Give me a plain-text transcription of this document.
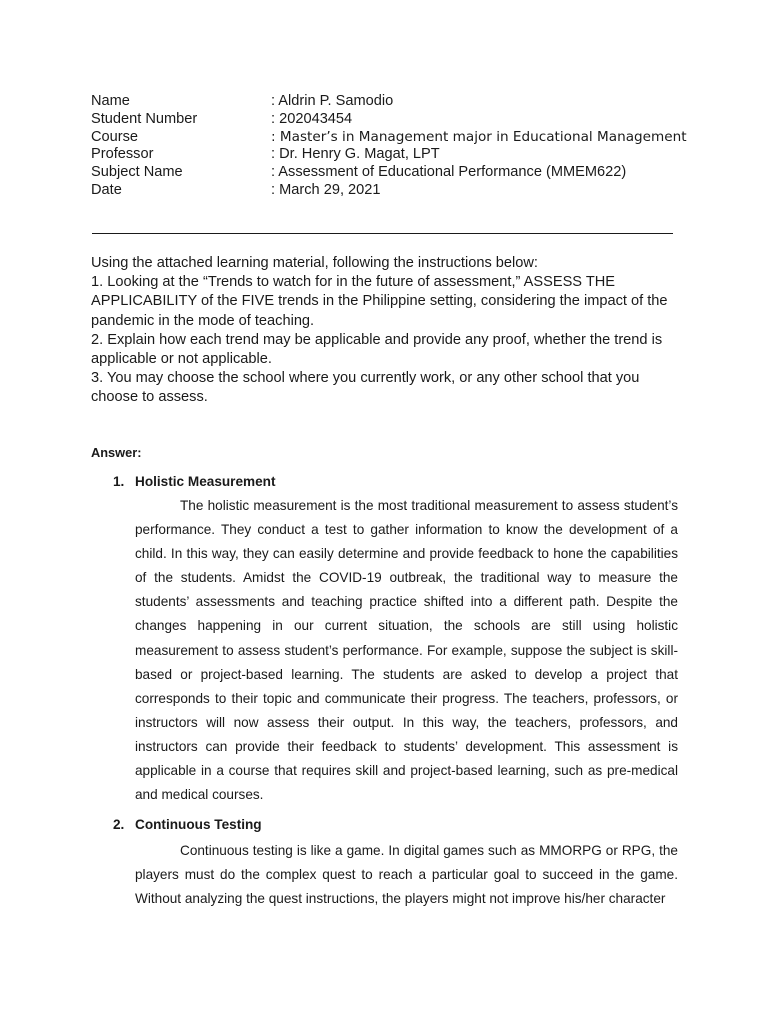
Name	: Aldrin P. Samodio
Student Number	: 202043454
Course	: Master’s in Management major in Educational Management
Professor	: Dr. Henry G. Magat, LPT
Subject Name	: Assessment of Educational Performance (MMEM622)
Date	: March 29, 2021

Using the attached learning material, following the instructions below:

1. Looking at the “Trends to watch for in the future of assessment,” ASSESS THE APPLICABILITY of the FIVE trends in the Philippine setting, considering the impact of the pandemic in the mode of teaching.

2. Explain how each trend may be applicable and provide any proof, whether the trend is applicable or not applicable.

3. You may choose the school where you currently work, or any other school that you choose to assess.

Answer:
1. Holistic Measurement

The holistic measurement is the most traditional measurement to assess student’s performance. They conduct a test to gather information to know the development of a child. In this way, they can easily determine and provide feedback to hone the capabilities of the students. Amidst the COVID-19 outbreak, the traditional way to measure the students’ assessments and teaching practice shifted into a different path. Despite the changes happening in our current situation, the schools are still using holistic measurement to assess student’s performance. For example, suppose the subject is skill-based or project-based learning. The students are asked to develop a project that corresponds to their topic and communicate their progress. The teachers, professors, or instructors will now assess their output. In this way, the teachers, professors, and instructors can provide their feedback to students’ development. This assessment is applicable in a course that requires skill and project-based learning, such as pre-medical and medical courses.

2. Continuous Testing

Continuous testing is like a game. In digital games such as MMORPG or RPG, the players must do the complex quest to reach a particular goal to succeed in the game. Without analyzing the quest instructions, the players might not improve his/her character
